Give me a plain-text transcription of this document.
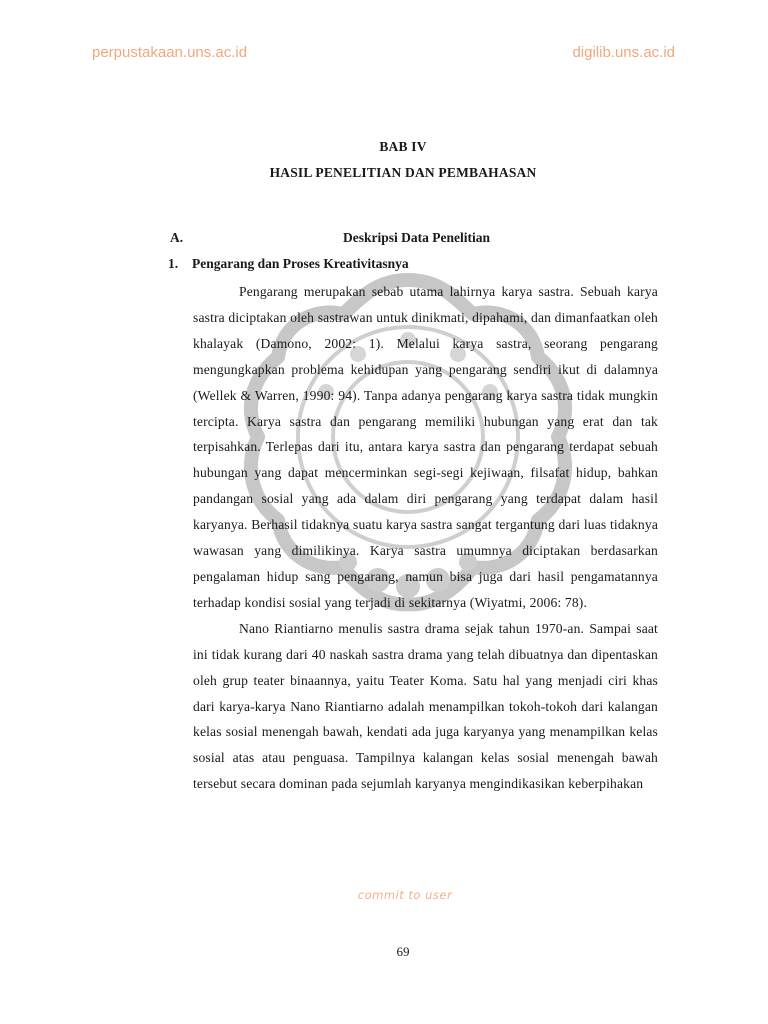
perpustakaan.uns.ac.id	digilib.uns.ac.id
BAB IV
HASIL PENELITIAN DAN PEMBAHASAN
A.	Deskripsi Data Penelitian
1. Pengarang dan Proses Kreativitasnya

Pengarang merupakan sebab utama lahirnya karya sastra. Sebuah karya sastra diciptakan oleh sastrawan untuk dinikmati, dipahami, dan dimanfaatkan oleh khalayak (Damono, 2002: 1). Melalui karya sastra, seorang pengarang mengungkapkan problema kehidupan yang pengarang sendiri ikut di dalamnya (Wellek & Warren, 1990: 94). Tanpa adanya pengarang karya sastra tidak mungkin tercipta. Karya sastra dan pengarang memiliki hubungan yang erat dan tak terpisahkan. Terlepas dari itu, antara karya sastra dan pengarang terdapat sebuah hubungan yang dapat mencerminkan segi-segi kejiwaan, filsafat hidup, bahkan pandangan sosial yang ada dalam diri pengarang yang terdapat dalam hasil karyanya. Berhasil tidaknya suatu karya sastra sangat tergantung dari luas tidaknya wawasan yang dimilikinya. Karya sastra umumnya diciptakan berdasarkan pengalaman hidup sang pengarang, namun bisa juga dari hasil pengamatannya terhadap kondisi sosial yang terjadi di sekitarnya (Wiyatmi, 2006: 78).

Nano Riantiarno menulis sastra drama sejak tahun 1970-an. Sampai saat ini tidak kurang dari 40 naskah sastra drama yang telah dibuatnya dan dipentaskan oleh grup teater binaannya, yaitu Teater Koma. Satu hal yang menjadi ciri khas dari karya-karya Nano Riantiarno adalah menampilkan tokoh-tokoh dari kalangan kelas sosial menengah bawah, kendati ada juga karyanya yang menampilkan kelas sosial atas atau penguasa. Tampilnya kalangan kelas sosial menengah bawah tersebut secara dominan pada sejumlah karyanya mengindikasikan keberpihakan

commit to user
69
